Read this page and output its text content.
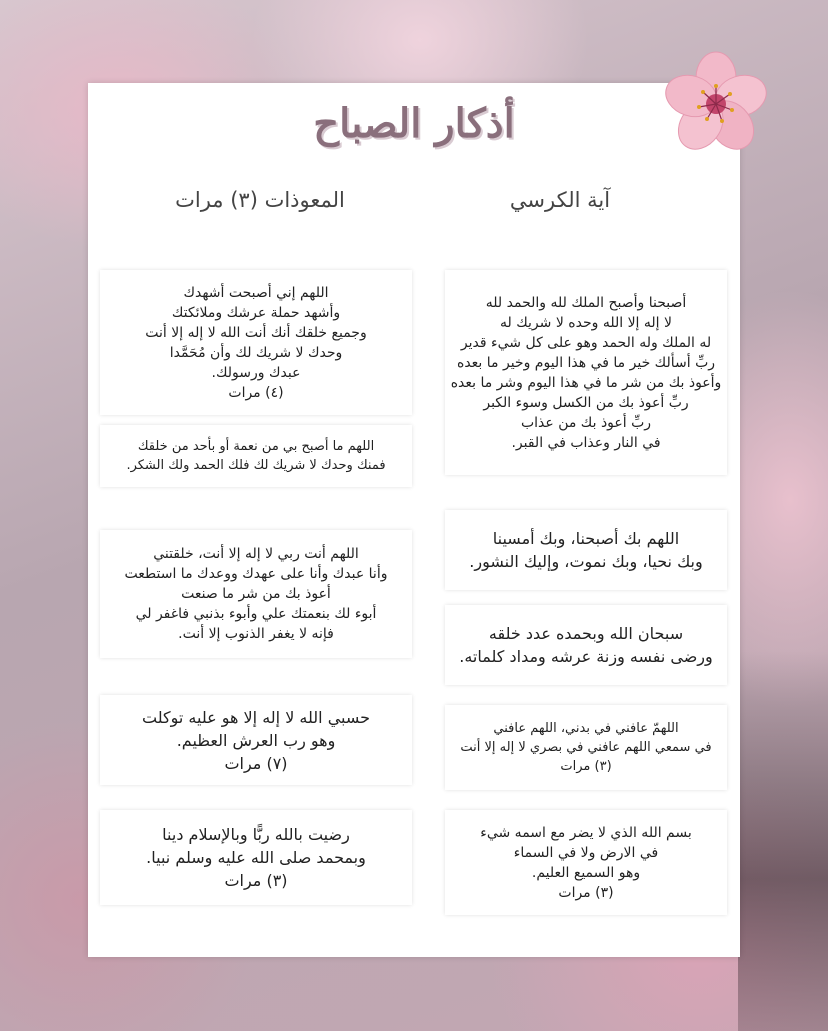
أذكار الصباح

آية الكرسي

المعوذات (٣) مرات

أصبحنا وأصبح الملك لله والحمد لله
لا إله إلا الله وحده لا شريك له
له الملك وله الحمد وهو على كل شيء قدير
ربِّ أسألك خير ما في هذا اليوم وخير ما بعده
وأعوذ بك من شر ما في هذا اليوم وشر ما بعده
ربِّ أعوذ بك من الكسل وسوء الكبر
ربِّ أعوذ بك من عذاب
في النار وعذاب في القبر.
اللهم بك أصبحنا، وبك أمسينا
وبك نحيا، وبك نموت، وإليك النشور.
سبحان الله وبحمده عدد خلقه
ورضى نفسه وزنة عرشه ومداد كلماته.
اللهمّ عافني في بدني، اللهم عافني
في سمعي اللهم عافني في بصري لا إله إلا أنت
(٣) مرات
بسم الله الذي لا يضر مع اسمه شيء
في الارض ولا في السماء
وهو السميع العليم.
(٣) مرات
اللهم إني أصبحت أشهدك
وأشهد حملة عرشك وملائكتك
وجميع خلقك أنك أنت الله لا إله إلا أنت
وحدك لا شريك لك وأن مُحَمَّدا
عبدك ورسولك.
(٤) مرات
اللهم ما أصبح بي من نعمة أو بأحد من خلقك
فمنك وحدك لا شريك لك فلك الحمد ولك الشكر.
اللهم أنت ربي لا إله إلا أنت، خلقتني
وأنا عبدك وأنا على عهدك ووعدك ما استطعت
أعوذ بك من شر ما صنعت
أبوء لك بنعمتك علي وأبوء بذنبي فاغفر لي
فإنه لا يغفر الذنوب إلا أنت.
حسبي الله لا إله إلا هو عليه توكلت
وهو رب العرش العظيم.
(٧) مرات
رضيت بالله ربًّا وبالإسلام دينا
وبمحمد صلى الله عليه وسلم نبيا.
(٣) مرات
